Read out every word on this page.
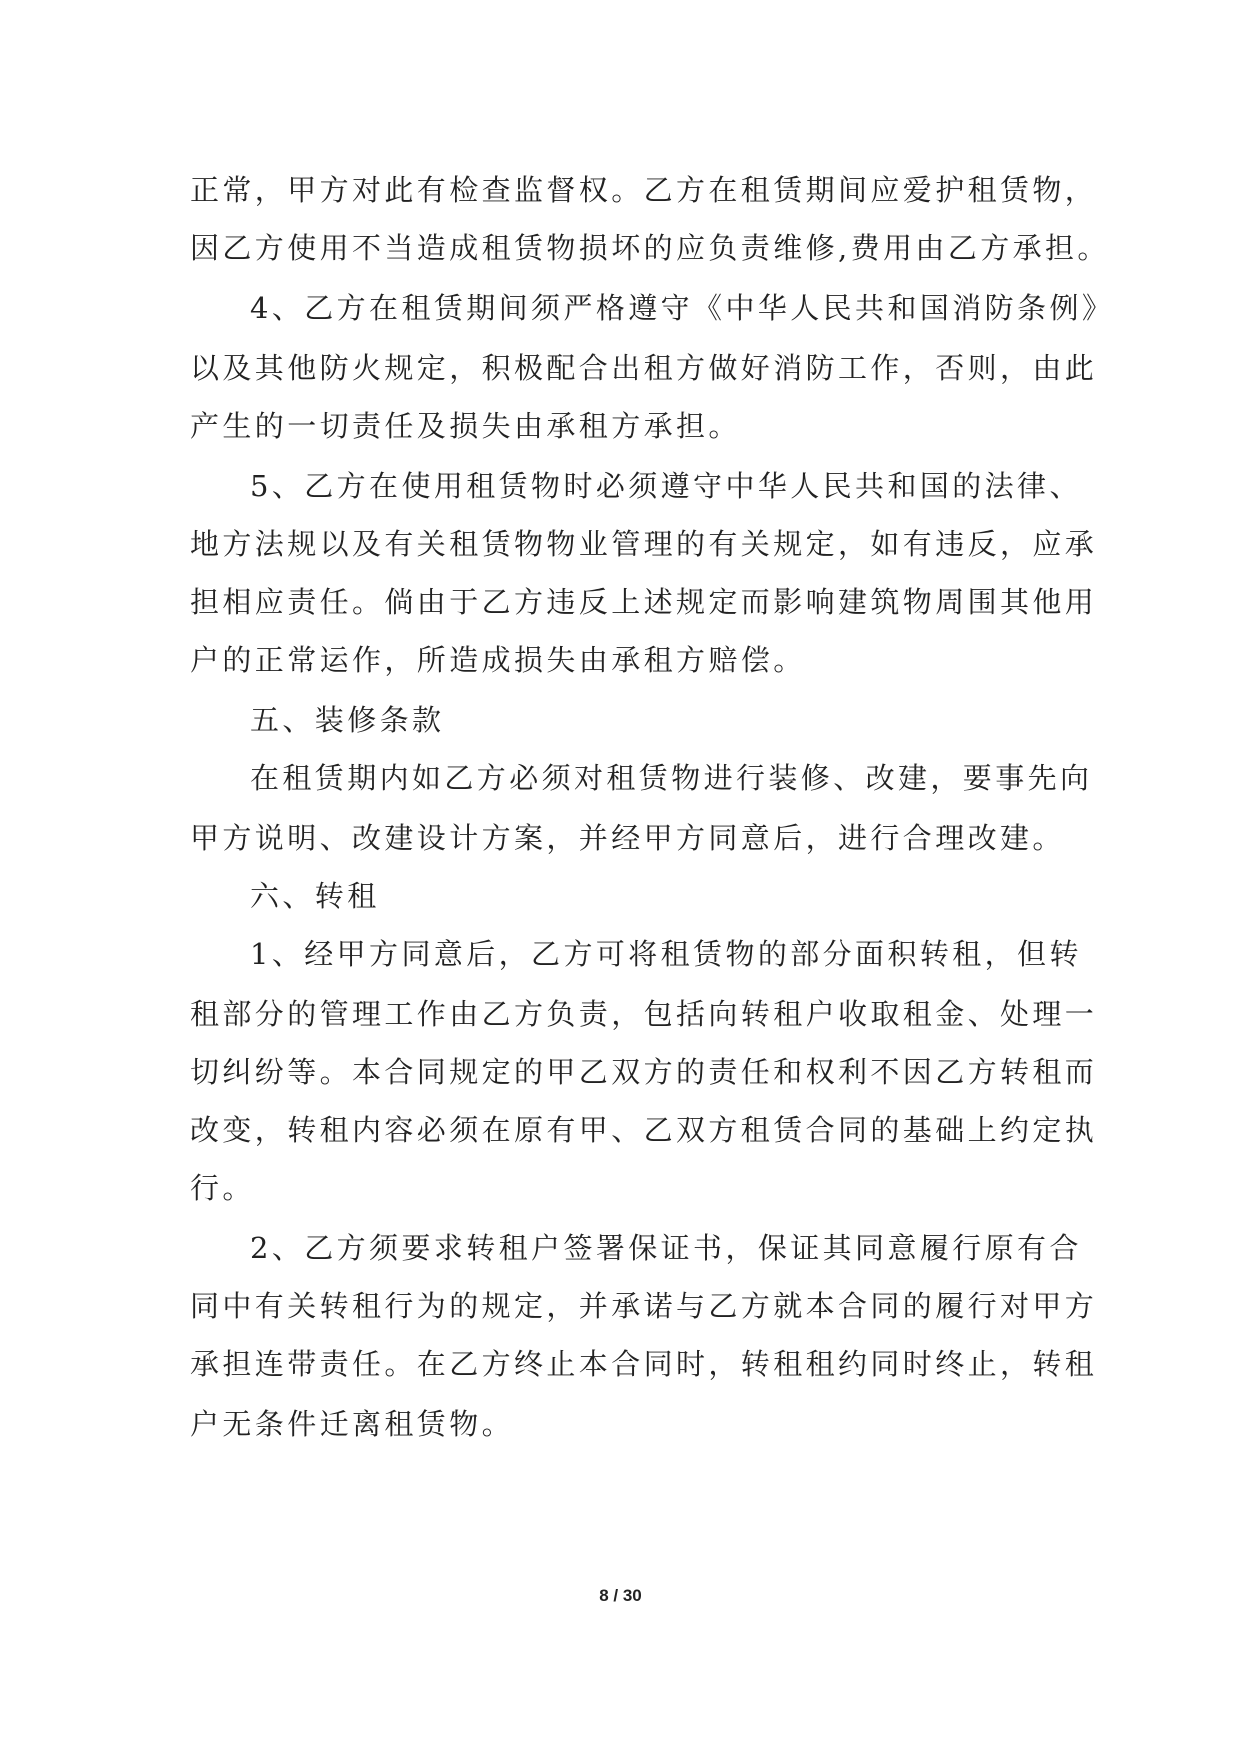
正常，甲方对此有检查监督权。乙方在租赁期间应爱护租赁物，
因乙方使用不当造成租赁物损坏的应负责维修,费用由乙方承担。
4、乙方在租赁期间须严格遵守《中华人民共和国消防条例》
以及其他防火规定，积极配合出租方做好消防工作，否则，由此
产生的一切责任及损失由承租方承担。
5、乙方在使用租赁物时必须遵守中华人民共和国的法律、
地方法规以及有关租赁物物业管理的有关规定，如有违反，应承
担相应责任。倘由于乙方违反上述规定而影响建筑物周围其他用
户的正常运作，所造成损失由承租方赔偿。
五、装修条款
在租赁期内如乙方必须对租赁物进行装修、改建，要事先向
甲方说明、改建设计方案，并经甲方同意后，进行合理改建。
六、转租
1、经甲方同意后，乙方可将租赁物的部分面积转租，但转
租部分的管理工作由乙方负责，包括向转租户收取租金、处理一
切纠纷等。本合同规定的甲乙双方的责任和权利不因乙方转租而
改变，转租内容必须在原有甲、乙双方租赁合同的基础上约定执
行。
2、乙方须要求转租户签署保证书，保证其同意履行原有合
同中有关转租行为的规定，并承诺与乙方就本合同的履行对甲方
承担连带责任。在乙方终止本合同时，转租租约同时终止，转租
户无条件迁离租赁物。
8 / 30
